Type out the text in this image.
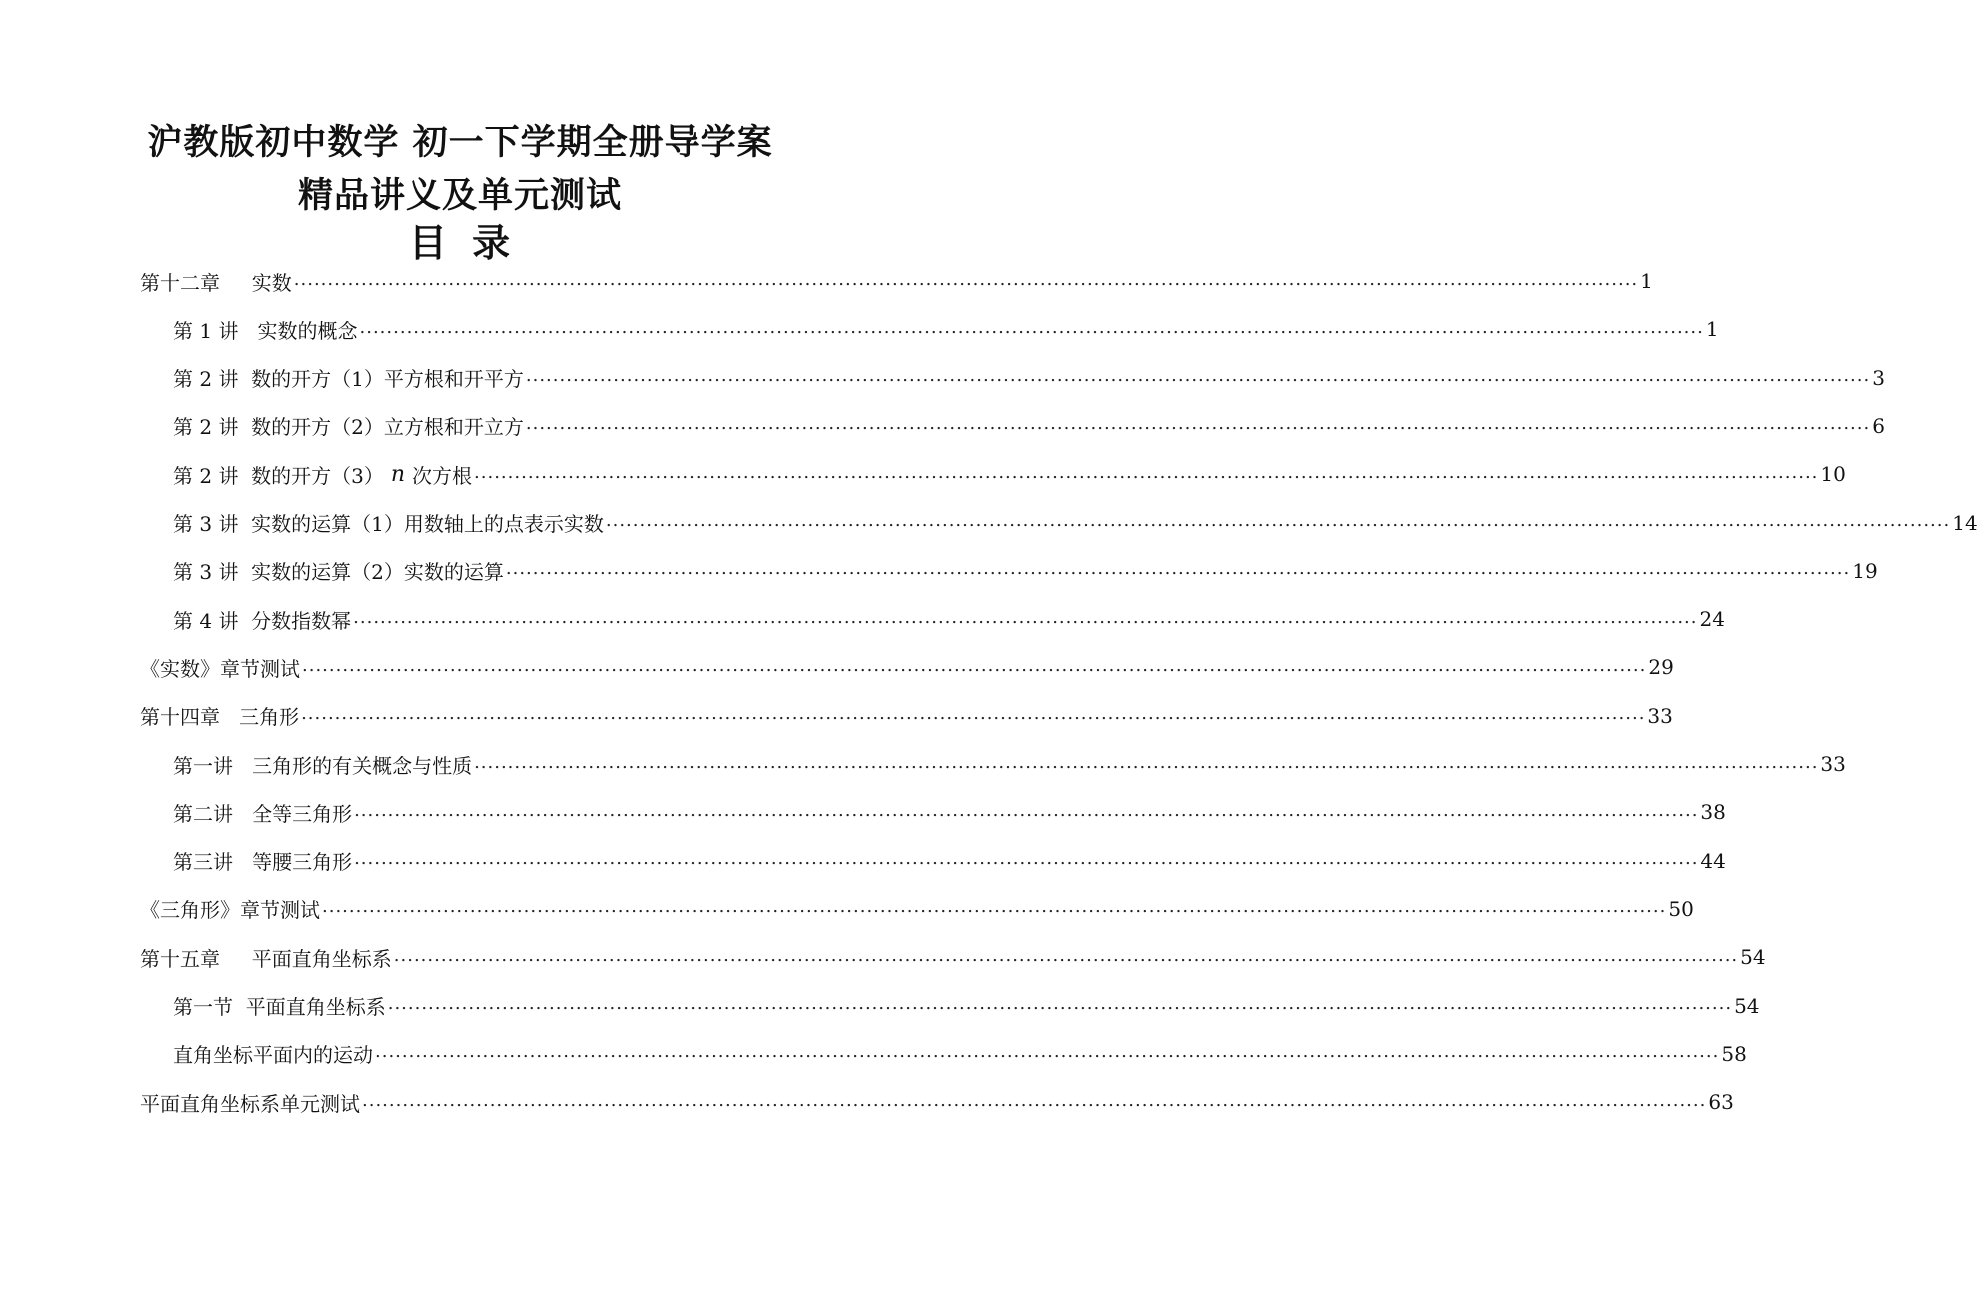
沪教版初中数学 初一下学期全册导学案
精品讲义及单元测试
目 录
第十二章     实数 ........................................................................................................................................................................................................ 1
第 1 讲   实数的概念 ........................................................................................................................................................................................................ 1
第 2 讲  数的开方（1）平方根和开平方 ........................................................................................................................................................................................................ 3
第 2 讲  数的开方（2）立方根和开立方 ........................................................................................................................................................................................................ 6
第 2 讲  数的开方（3） n 次方根 ........................................................................................................................................................................................................ 10
第 3 讲  实数的运算（1）用数轴上的点表示实数 ........................................................................................................................................................................................................ 14
第 3 讲  实数的运算（2）实数的运算 ........................................................................................................................................................................................................ 19
第 4 讲  分数指数幂 ........................................................................................................................................................................................................ 24
《实数》章节测试 ........................................................................................................................................................................................................ 29
第十四章   三角形 ........................................................................................................................................................................................................ 33
第一讲   三角形的有关概念与性质 ........................................................................................................................................................................................................ 33
第二讲   全等三角形 ........................................................................................................................................................................................................ 38
第三讲   等腰三角形 ........................................................................................................................................................................................................ 44
《三角形》章节测试 ........................................................................................................................................................................................................ 50
第十五章     平面直角坐标系 ........................................................................................................................................................................................................ 54
第一节  平面直角坐标系 ........................................................................................................................................................................................................ 54
直角坐标平面内的运动 ........................................................................................................................................................................................................ 58
平面直角坐标系单元测试 ........................................................................................................................................................................................................ 63
